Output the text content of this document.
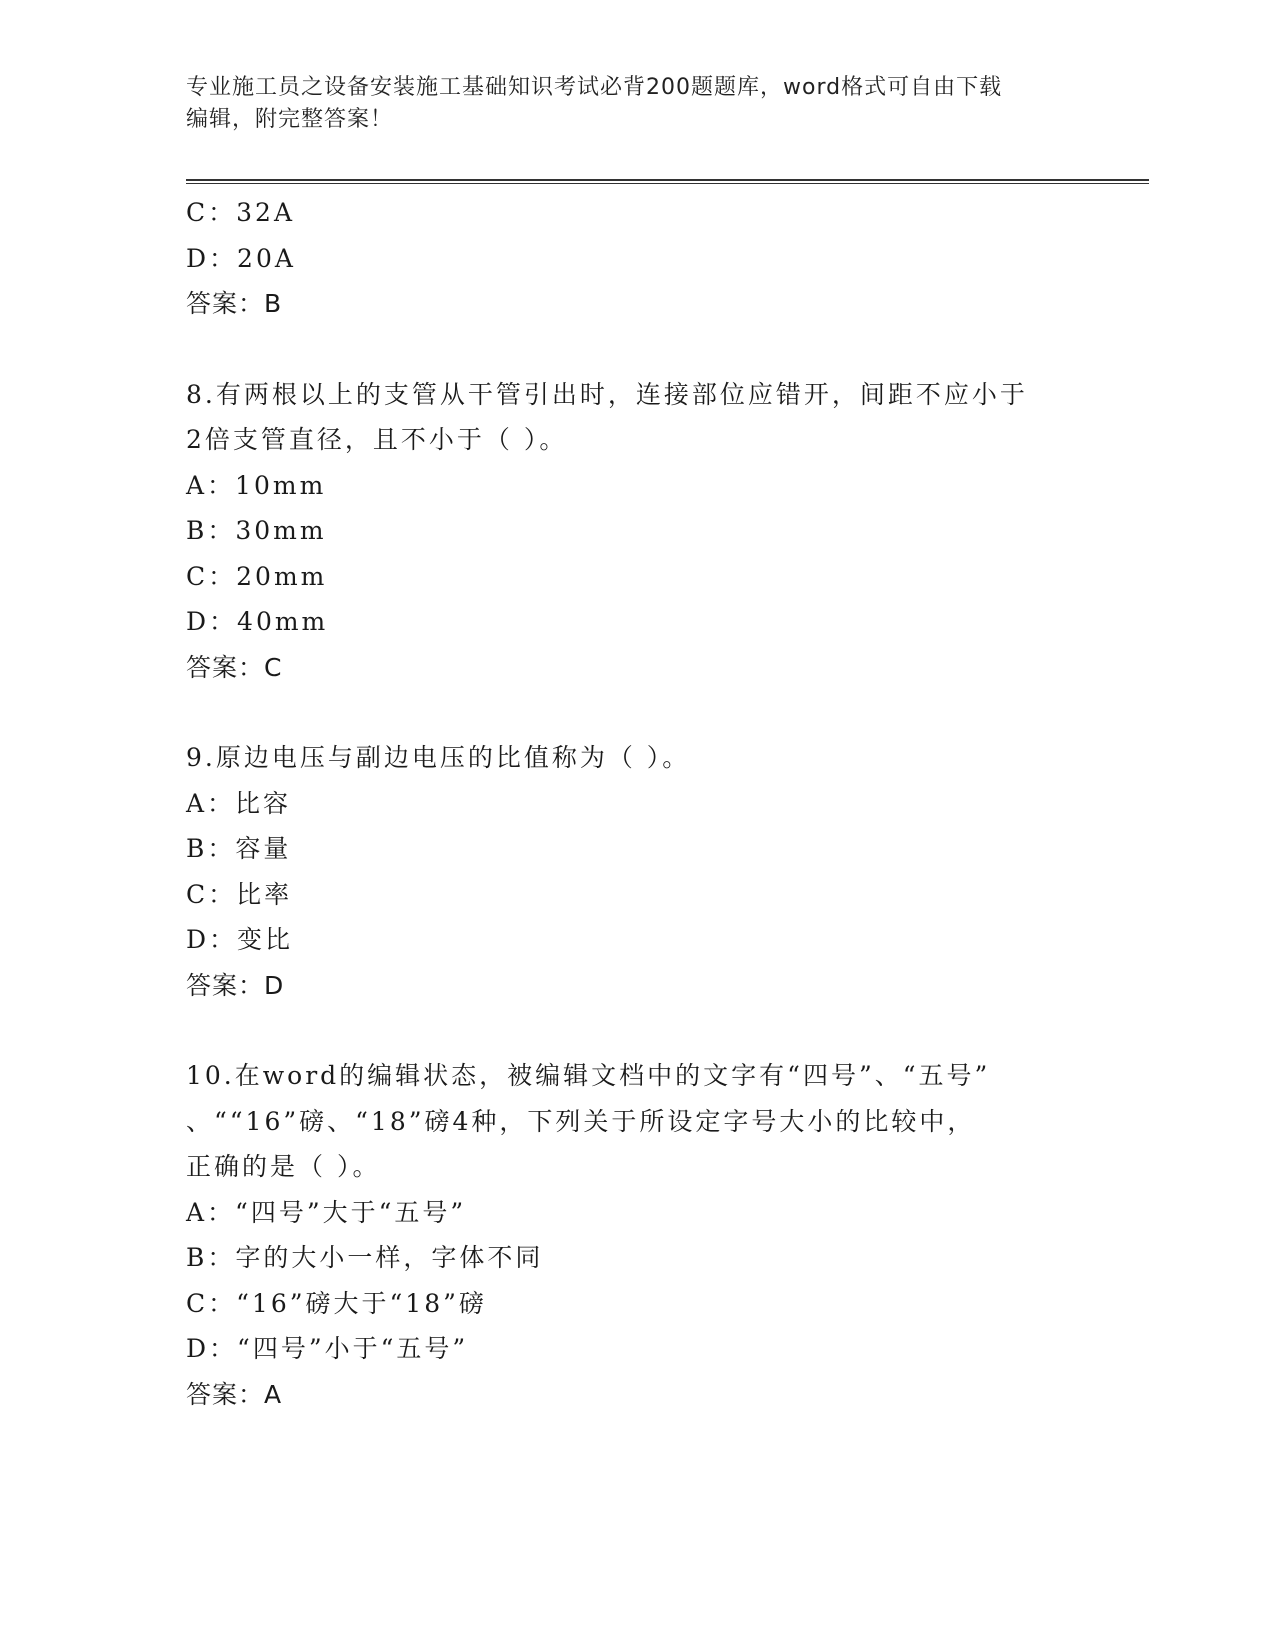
专业施工员之设备安装施工基础知识考试必背200题题库，word格式可自由下载
编辑，附完整答案！
C：32A
D：20A
答案：B
8.有两根以上的支管从干管引出时，连接部位应错开，间距不应小于
2倍支管直径，且不小于（ ）。
A：10mm
B：30mm
C：20mm
D：40mm
答案：C
9.原边电压与副边电压的比值称为（ ）。
A：比容
B：容量
C：比率
D：变比
答案：D
10.在word的编辑状态，被编辑文档中的文字有“四号”、“五号”
、““16”磅、“18”磅4种，下列关于所设定字号大小的比较中，
正确的是（ ）。
A：“四号”大于“五号”
B：字的大小一样，字体不同
C：“16”磅大于“18”磅
D：“四号”小于“五号”
答案：A
